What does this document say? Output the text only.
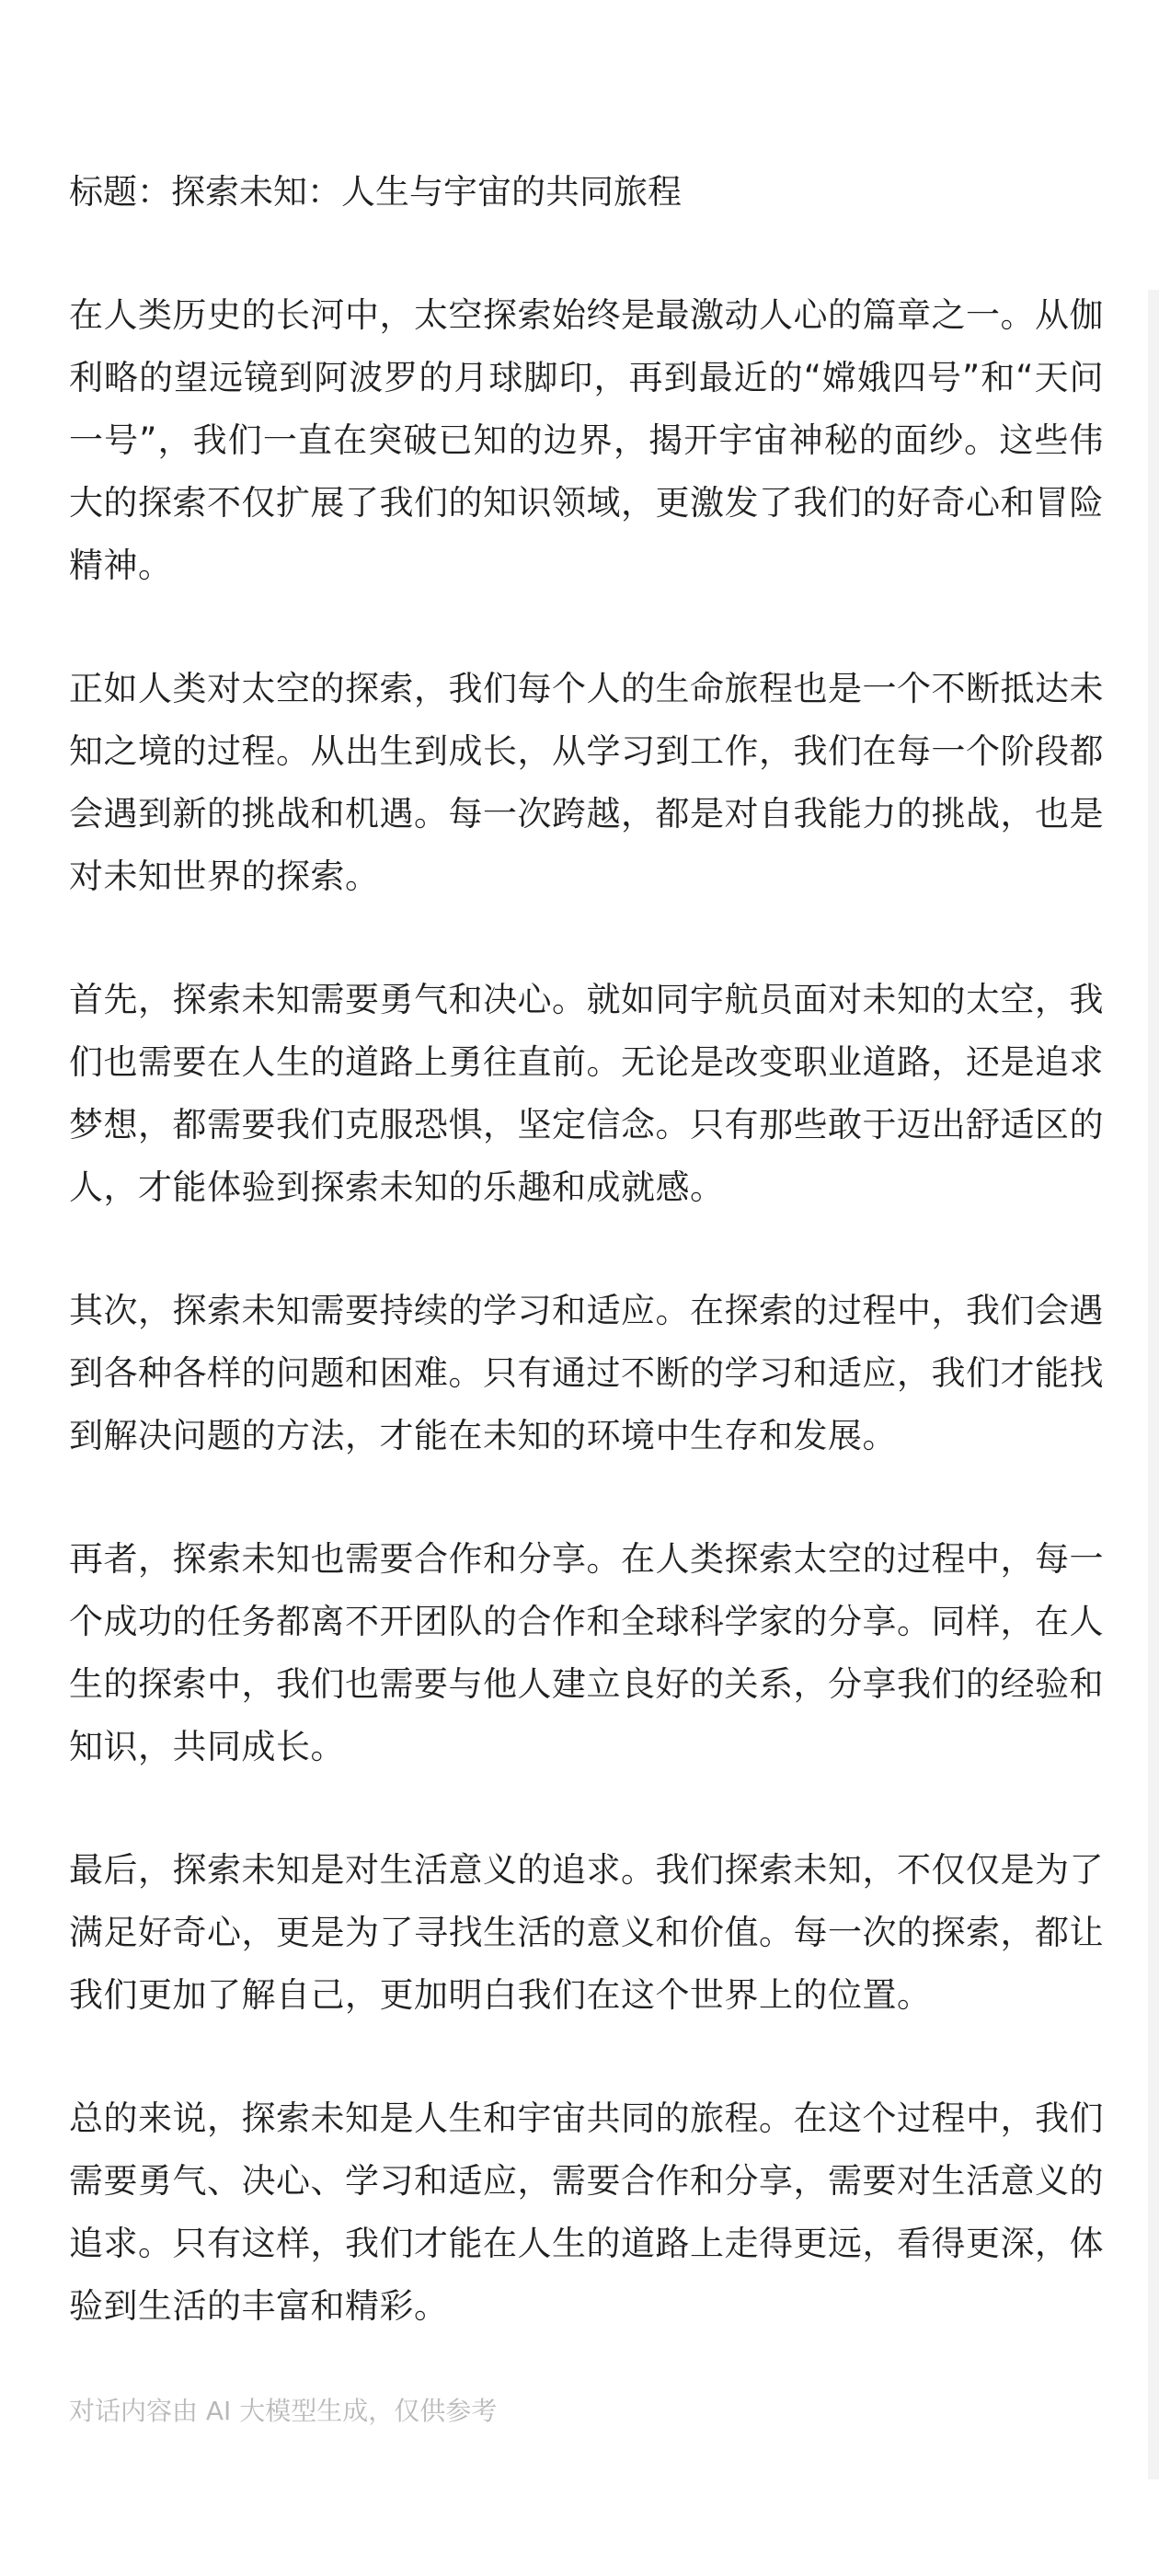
标题：探索未知：人生与宇宙的共同旅程
在人类历史的长河中，太空探索始终是最激动人心的篇章之一。从伽利略的望远镜到阿波罗的月球脚印，再到最近的“嫦娥四号”和“天问一号”，我们一直在突破已知的边界，揭开宇宙神秘的面纱。这些伟大的探索不仅扩展了我们的知识领域，更激发了我们的好奇心和冒险精神。
正如人类对太空的探索，我们每个人的生命旅程也是一个不断抵达未知之境的过程。从出生到成长，从学习到工作，我们在每一个阶段都会遇到新的挑战和机遇。每一次跨越，都是对自我能力的挑战，也是对未知世界的探索。
首先，探索未知需要勇气和决心。就如同宇航员面对未知的太空，我们也需要在人生的道路上勇往直前。无论是改变职业道路，还是追求梦想，都需要我们克服恐惧，坚定信念。只有那些敢于迈出舒适区的人，才能体验到探索未知的乐趣和成就感。
其次，探索未知需要持续的学习和适应。在探索的过程中，我们会遇到各种各样的问题和困难。只有通过不断的学习和适应，我们才能找到解决问题的方法，才能在未知的环境中生存和发展。
再者，探索未知也需要合作和分享。在人类探索太空的过程中，每一个成功的任务都离不开团队的合作和全球科学家的分享。同样，在人生的探索中，我们也需要与他人建立良好的关系，分享我们的经验和知识，共同成长。
最后，探索未知是对生活意义的追求。我们探索未知，不仅仅是为了满足好奇心，更是为了寻找生活的意义和价值。每一次的探索，都让我们更加了解自己，更加明白我们在这个世界上的位置。
总的来说，探索未知是人生和宇宙共同的旅程。在这个过程中，我们需要勇气、决心、学习和适应，需要合作和分享，需要对生活意义的追求。只有这样，我们才能在人生的道路上走得更远，看得更深，体验到生活的丰富和精彩。
对话内容由 AI 大模型生成，仅供参考
